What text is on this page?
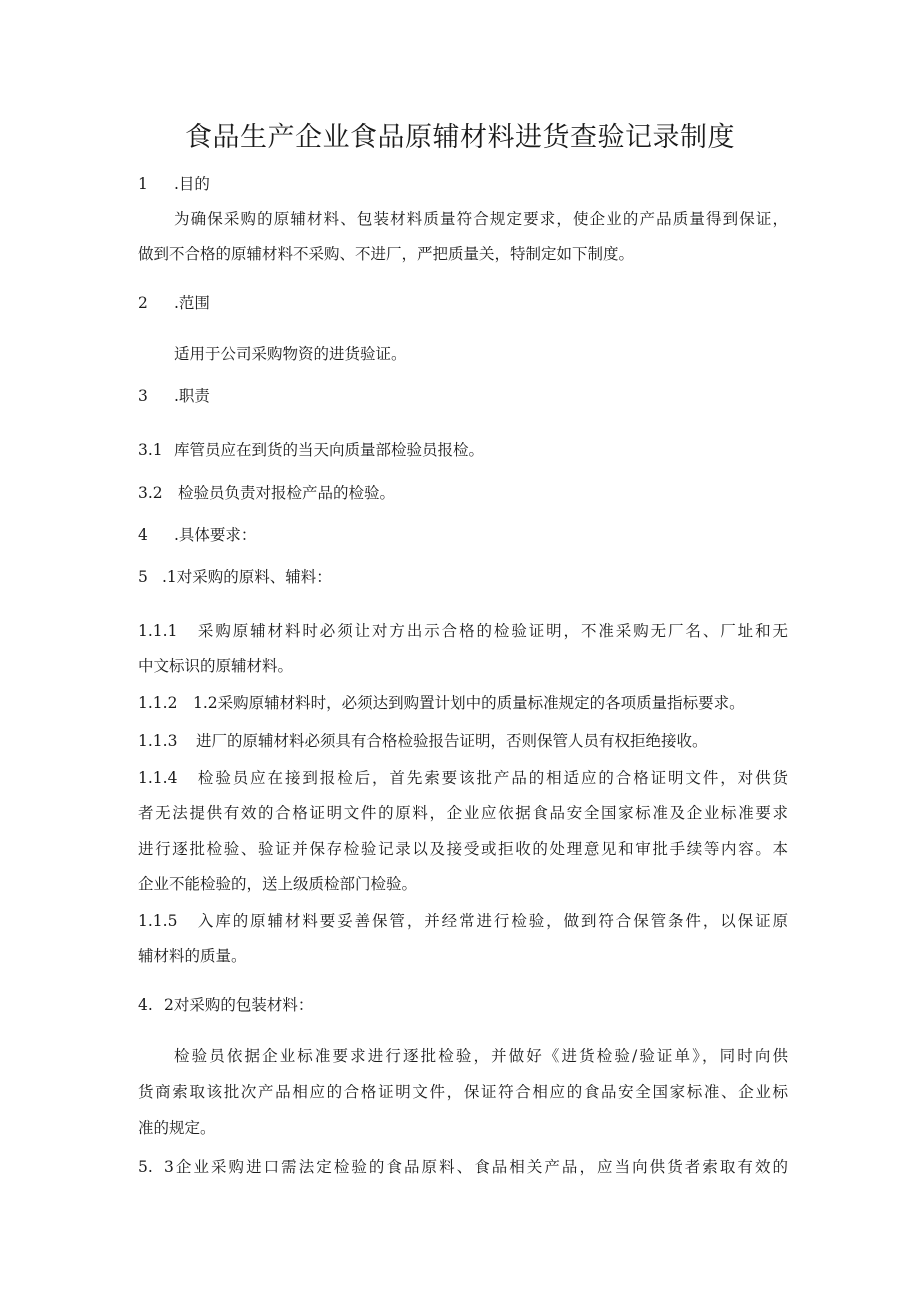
食品生产企业食品原辅材料进货查验记录制度
1 .目的
为确保采购的原辅材料、包装材料质量符合规定要求，使企业的产品质量得到保证，
做到不合格的原辅材料不采购、不进厂，严把质量关，特制定如下制度。
2 .范围
适用于公司采购物资的进货验证。
3 .职责
3.1 库管员应在到货的当天向质量部检验员报检。
3.2 检验员负责对报检产品的检验。
4 .具体要求：
5 .1对采购的原料、辅料：
1.1.1 采购原辅材料时必须让对方出示合格的检验证明，不准采购无厂名、厂址和无
中文标识的原辅材料。
1.1.2 1.2采购原辅材料时，必须达到购置计划中的质量标准规定的各项质量指标要求。
1.1.3 进厂的原辅材料必须具有合格检验报告证明，否则保管人员有权拒绝接收。
1.1.4 检验员应在接到报检后，首先索要该批产品的相适应的合格证明文件，对供货
者无法提供有效的合格证明文件的原料，企业应依据食品安全国家标准及企业标准要求
进行逐批检验、验证并保存检验记录以及接受或拒收的处理意见和审批手续等内容。本
企业不能检验的，送上级质检部门检验。
1.1.5 入库的原辅材料要妥善保管，并经常进行检验，做到符合保管条件，以保证原
辅材料的质量。
4. 2对采购的包装材料：
检验员依据企业标准要求进行逐批检验，并做好《进货检验/验证单》，同时向供
货商索取该批次产品相应的合格证明文件，保证符合相应的食品安全国家标准、企业标
准的规定。
5. 3企业采购进口需法定检验的食品原料、食品相关产品，应当向供货者索取有效的
